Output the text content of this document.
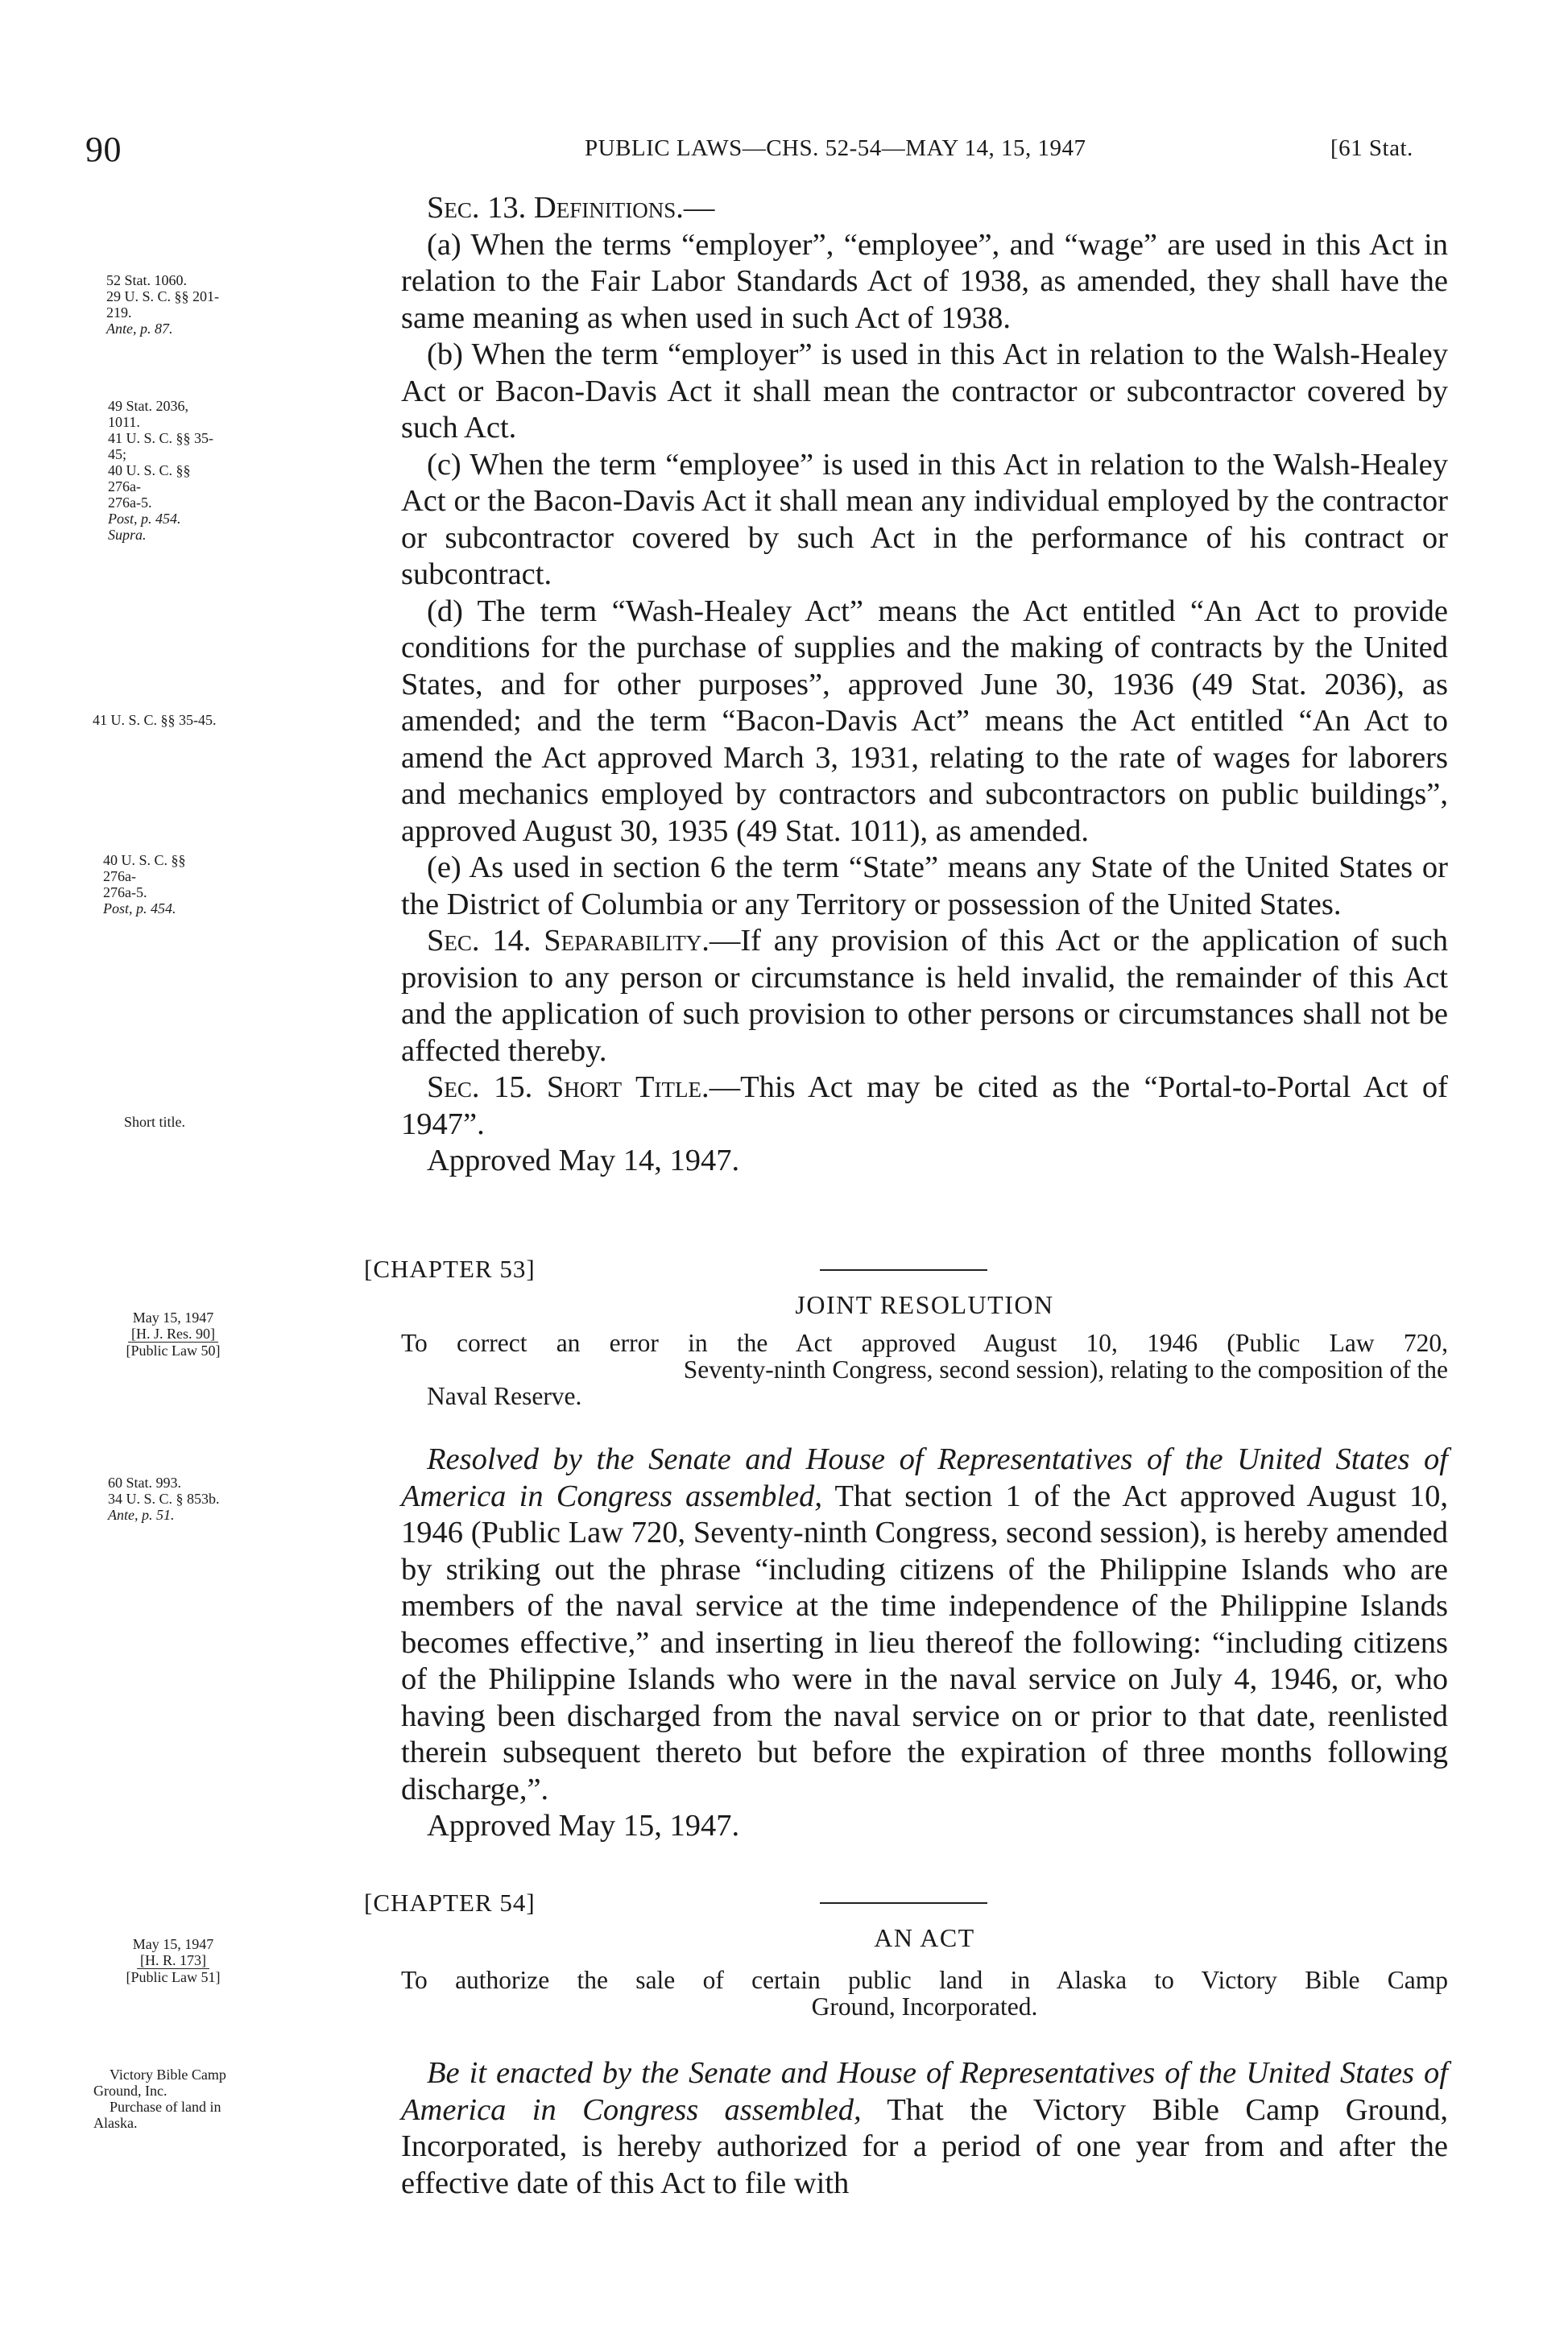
90	PUBLIC LAWS—CHS. 52-54—MAY 14, 15, 1947	[61 Stat.

Sec. 13. Definitions.—

(a) When the terms “employer”, “employee”, and “wage” are used in this Act in relation to the Fair Labor Standards Act of 1938, as amended, they shall have the same meaning as when used in such Act of 1938.

(b) When the term “employer” is used in this Act in relation to the Walsh-Healey Act or Bacon-Davis Act it shall mean the contractor or subcontractor covered by such Act.

(c) When the term “employee” is used in this Act in relation to the Walsh-Healey Act or the Bacon-Davis Act it shall mean any individual employed by the contractor or subcontractor covered by such Act in the performance of his contract or subcontract.

(d) The term “Wash-Healey Act” means the Act entitled “An Act to provide conditions for the purchase of supplies and the making of contracts by the United States, and for other purposes”, approved June 30, 1936 (49 Stat. 2036), as amended; and the term “Bacon-Davis Act” means the Act entitled “An Act to amend the Act approved March 3, 1931, relating to the rate of wages for laborers and mechanics employed by contractors and subcontractors on public buildings”, approved August 30, 1935 (49 Stat. 1011), as amended.

(e) As used in section 6 the term “State” means any State of the United States or the District of Columbia or any Territory or possession of the United States.

Sec. 14. Separability.—If any provision of this Act or the application of such provision to any person or circumstance is held invalid, the remainder of this Act and the application of such provision to other persons or circumstances shall not be affected thereby.

Sec. 15. Short Title.—This Act may be cited as the “Portal-to-Portal Act of 1947”.

Approved May 14, 1947.

[CHAPTER 53]
JOINT RESOLUTION

To correct an error in the Act approved August 10, 1946 (Public Law 720,

Seventy-ninth Congress, second session), relating to the composition of the

Naval Reserve.

Resolved by the Senate and House of Representatives of the United States of America in Congress assembled, That section 1 of the Act approved August 10, 1946 (Public Law 720, Seventy-ninth Congress, second session), is hereby amended by striking out the phrase “including citizens of the Philippine Islands who are members of the naval service at the time independence of the Philippine Islands becomes effective,” and inserting in lieu thereof the following: “including citizens of the Philippine Islands who were in the naval service on July 4, 1946, or, who having been discharged from the naval service on or prior to that date, reenlisted therein subsequent thereto but before the expiration of three months following discharge,”.

Approved May 15, 1947.

[CHAPTER 54]
AN ACT

To authorize the sale of certain public land in Alaska to Victory Bible Camp

Ground, Incorporated.

Be it enacted by the Senate and House of Representatives of the United States of America in Congress assembled, That the Victory Bible Camp Ground, Incorporated, is hereby authorized for a period of one year from and after the effective date of this Act to file with

52 Stat. 1060.
29 U. S. C. §§ 201-
219.
Ante, p. 87.
49 Stat. 2036, 1011.
41 U. S. C. §§ 35-45;
40 U. S. C. §§ 276a-
276a-5.
Post, p. 454.
Supra.
41 U. S. C. §§ 35-45.
40 U. S. C. §§ 276a-
276a-5.
Post, p. 454.
Short title.
May 15, 1947
[H. J. Res. 90]
[Public Law 50]
60 Stat. 993.
34 U. S. C. § 853b.
Ante, p. 51.
May 15, 1947
[H. R. 173]
[Public Law 51]
Victory Bible Camp
Ground, Inc.
Purchase of land in
Alaska.
